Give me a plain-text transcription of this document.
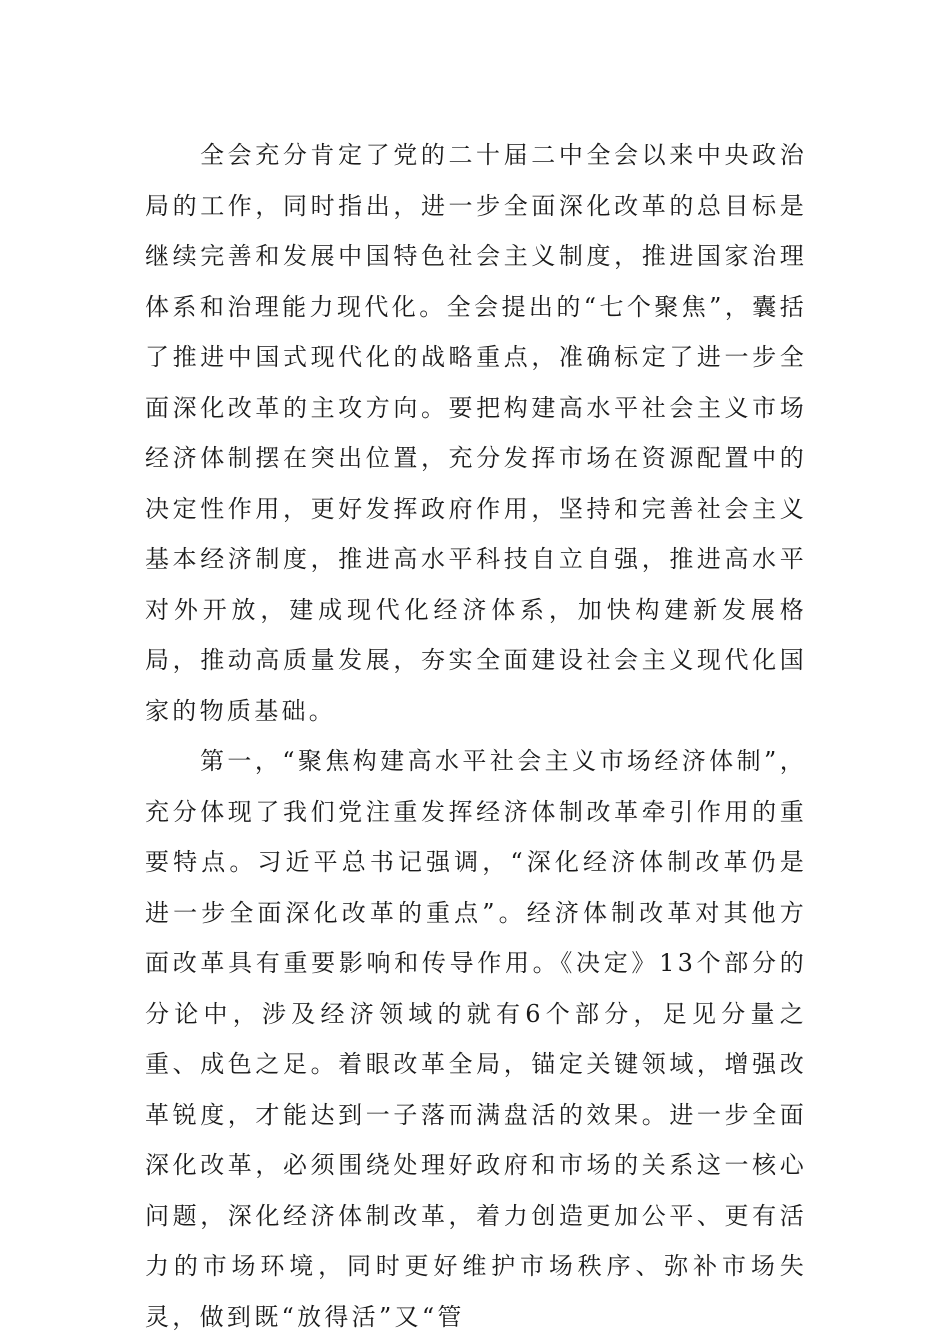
全会充分肯定了党的二十届二中全会以来中央政治局的工作，同时指出，进一步全面深化改革的总目标是继续完善和发展中国特色社会主义制度，推进国家治理体系和治理能力现代化。全会提出的“七个聚焦”，囊括了推进中国式现代化的战略重点，准确标定了进一步全面深化改革的主攻方向。要把构建高水平社会主义市场经济体制摆在突出位置，充分发挥市场在资源配置中的决定性作用，更好发挥政府作用，坚持和完善社会主义基本经济制度，推进高水平科技自立自强，推进高水平对外开放，建成现代化经济体系，加快构建新发展格局，推动高质量发展，夯实全面建设社会主义现代化国家的物质基础。

第一，“聚焦构建高水平社会主义市场经济体制”，充分体现了我们党注重发挥经济体制改革牵引作用的重要特点。习近平总书记强调，“深化经济体制改革仍是进一步全面深化改革的重点”。经济体制改革对其他方面改革具有重要影响和传导作用。《决定》13个部分的分论中，涉及经济领域的就有6个部分，足见分量之重、成色之足。着眼改革全局，锚定关键领域，增强改革锐度，才能达到一子落而满盘活的效果。进一步全面深化改革，必须围绕处理好政府和市场的关系这一核心问题，深化经济体制改革，着力创造更加公平、更有活力的市场环境，同时更好维护市场秩序、弥补市场失灵，做到既“放得活”又“管
